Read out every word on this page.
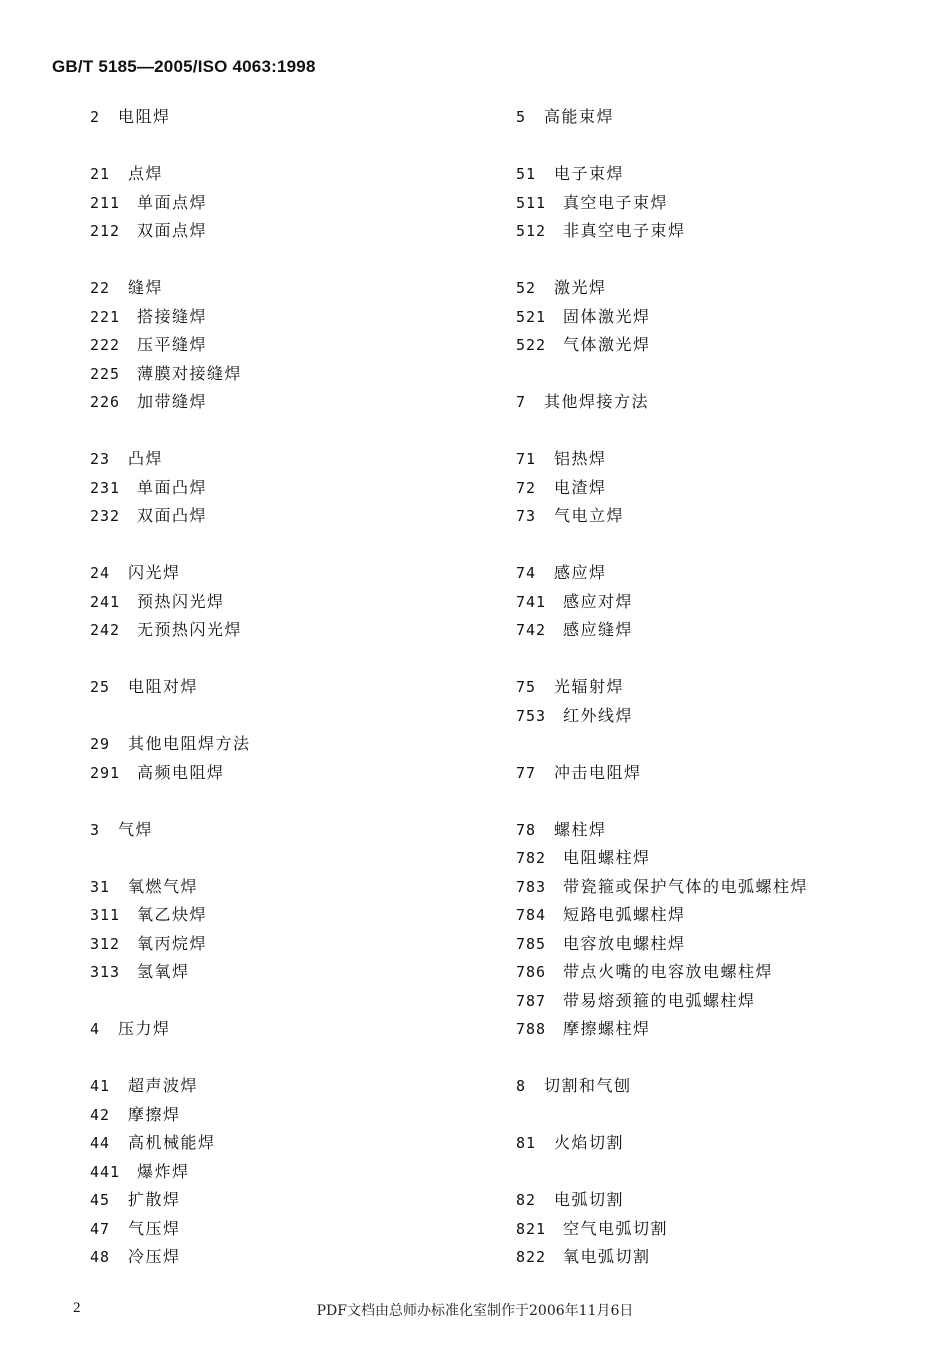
GB/T 5185—2005/ISO 4063:1998
2 电阻焊
21 点焊
211 单面点焊
212 双面点焊
22 缝焊
221 搭接缝焊
222 压平缝焊
225 薄膜对接缝焊
226 加带缝焊
23 凸焊
231 单面凸焊
232 双面凸焊
24 闪光焊
241 预热闪光焊
242 无预热闪光焊
25 电阻对焊
29 其他电阻焊方法
291 高频电阻焊
3 气焊
31 氧燃气焊
311 氧乙炔焊
312 氧丙烷焊
313 氢氧焊
4 压力焊
41 超声波焊
42 摩擦焊
44 高机械能焊
441 爆炸焊
45 扩散焊
47 气压焊
48 冷压焊
5 高能束焊
51 电子束焊
511 真空电子束焊
512 非真空电子束焊
52 激光焊
521 固体激光焊
522 气体激光焊
7 其他焊接方法
71 铝热焊
72 电渣焊
73 气电立焊
74 感应焊
741 感应对焊
742 感应缝焊
75 光辐射焊
753 红外线焊
77 冲击电阻焊
78 螺柱焊
782 电阻螺柱焊
783 带瓷箍或保护气体的电弧螺柱焊
784 短路电弧螺柱焊
785 电容放电螺柱焊
786 带点火嘴的电容放电螺柱焊
787 带易熔颈箍的电弧螺柱焊
788 摩擦螺柱焊
8 切割和气刨
81 火焰切割
82 电弧切割
821 空气电弧切割
822 氧电弧切割
2	PDF文档由总师办标准化室制作于2006年11月6日
